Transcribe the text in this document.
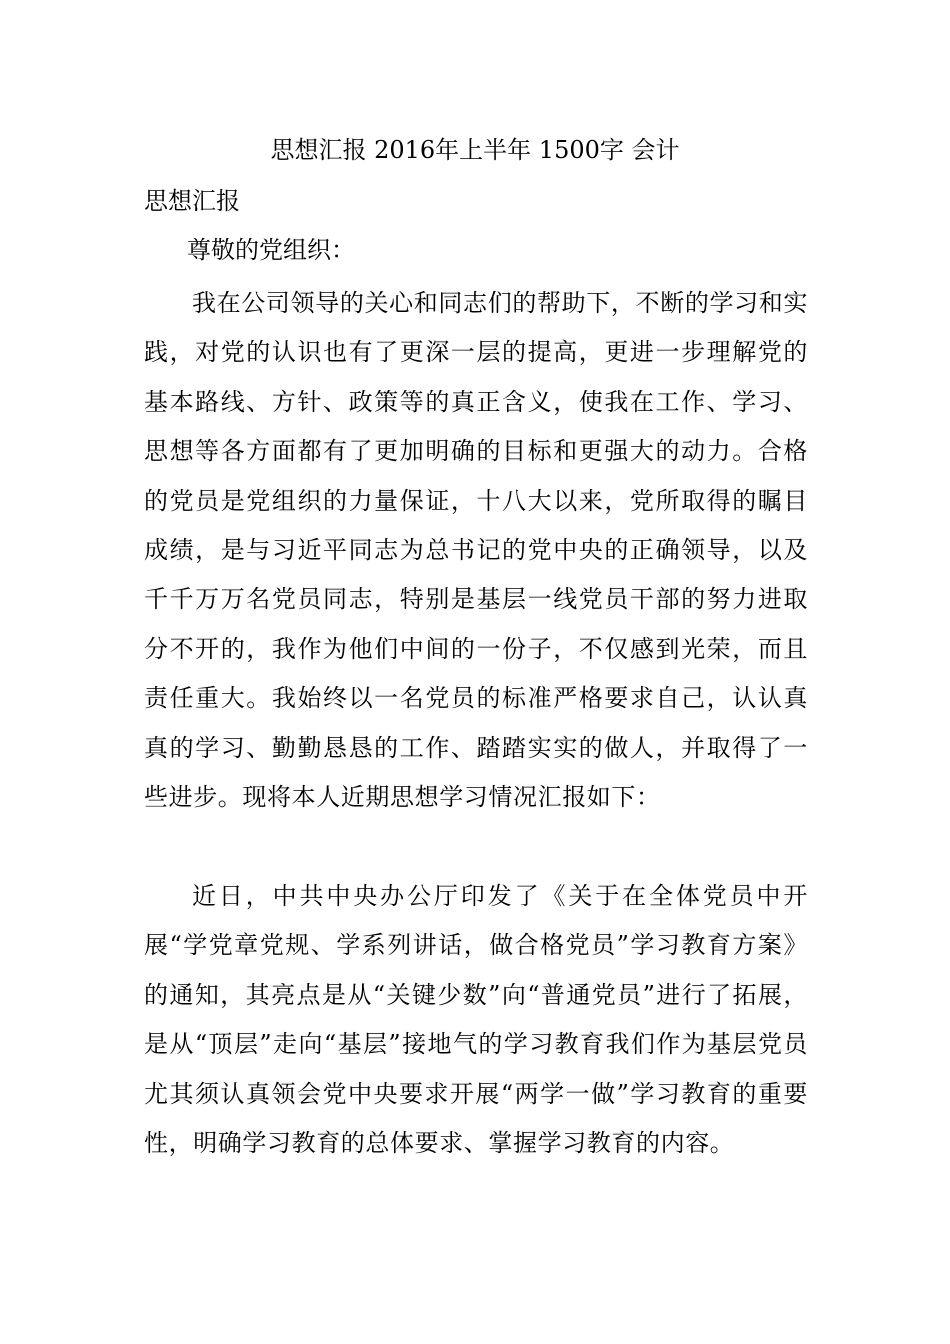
思想汇报 2016年上半年 1500字 会计

思想汇报

尊敬的党组织：

我在公司领导的关心和同志们的帮助下，不断的学习和实践，对党的认识也有了更深一层的提高，更进一步理解党的基本路线、方针、政策等的真正含义，使我在工作、学习、思想等各方面都有了更加明确的目标和更强大的动力。合格的党员是党组织的力量保证，十八大以来，党所取得的瞩目成绩，是与习近平同志为总书记的党中央的正确领导，以及千千万万名党员同志，特别是基层一线党员干部的努力进取分不开的，我作为他们中间的一份子，不仅感到光荣，而且责任重大。我始终以一名党员的标准严格要求自己，认认真真的学习、勤勤恳恳的工作、踏踏实实的做人，并取得了一些进步。现将本人近期思想学习情况汇报如下：

近日，中共中央办公厅印发了《关于在全体党员中开展“学党章党规、学系列讲话，做合格党员”学习教育方案》的通知，其亮点是从“关键少数”向“普通党员”进行了拓展，是从“顶层”走向“基层”接地气的学习教育我们作为基层党员尤其须认真领会党中央要求开展“两学一做”学习教育的重要性，明确学习教育的总体要求、掌握学习教育的内容。
